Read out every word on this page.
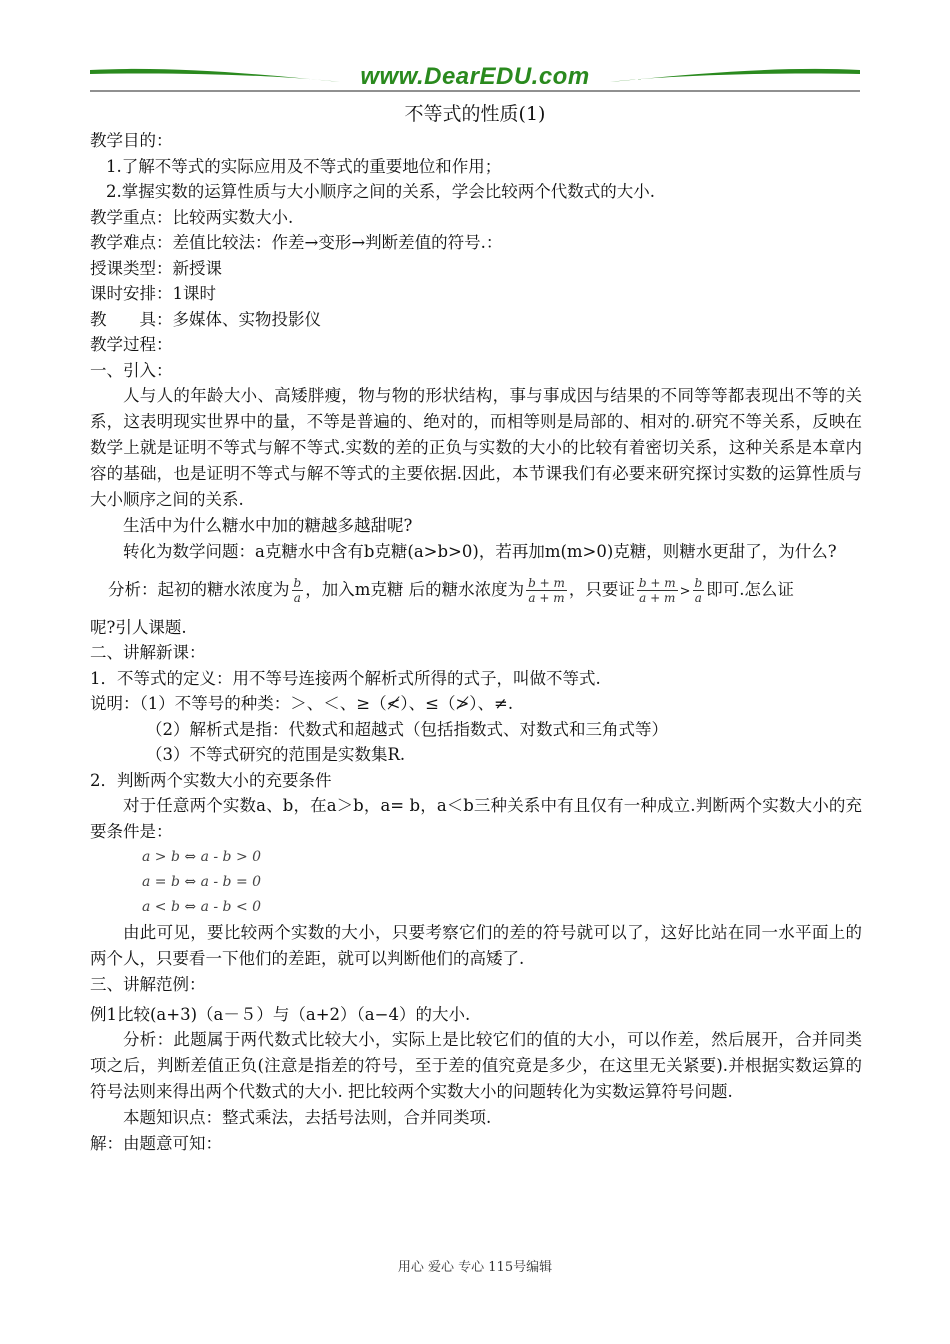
www.DearEDU.com
不等式的性质(1)
教学目的：
1.了解不等式的实际应用及不等式的重要地位和作用；
2.掌握实数的运算性质与大小顺序之间的关系，学会比较两个代数式的大小.
教学重点：比较两实数大小.
教学难点：差值比较法：作差→变形→判断差值的符号.：
授课类型：新授课
课时安排：1课时
教　　具：多媒体、实物投影仪
教学过程：
一、引入：
人与人的年龄大小、高矮胖瘦，物与物的形状结构，事与事成因与结果的不同等等都表现出不等的关系，这表明现实世界中的量，不等是普遍的、绝对的，而相等则是局部的、相对的.研究不等关系，反映在数学上就是证明不等式与解不等式.实数的差的正负与实数的大小的比较有着密切关系，这种关系是本章内容的基础，也是证明不等式与解不等式的主要依据.因此，本节课我们有必要来研究探讨实数的运算性质与大小顺序之间的关系.
生活中为什么糖水中加的糖越多越甜呢?
转化为数学问题：a克糖水中含有b克糖(a>b>0)，若再加m(m>0)克糖，则糖水更甜了，为什么?
分析：起初的糖水浓度为 $\frac{b}{a}$ ，加入m克糖 后的糖水浓度为 $\frac{b + m}{a + m}$ ，只要证 $\frac{b + m}{a + m} > \frac{b}{a}$ 即可.怎么证
呢?引人课题.
二、讲解新课：
1．不等式的定义：用不等号连接两个解析式所得的式子，叫做不等式.
说明：（1）不等号的种类：＞、＜、≥（≮）、≤（≯）、≠.
（2）解析式是指：代数式和超越式（包括指数式、对数式和三角式等）
（3）不等式研究的范围是实数集R.
2．判断两个实数大小的充要条件
对于任意两个实数a、b，在a＞b，a= b，a＜b三种关系中有且仅有一种成立.判断两个实数大小的充要条件是：
a > b ⇔ a - b > 0
a = b ⇔ a - b = 0
a < b ⇔ a - b < 0
由此可见，要比较两个实数的大小，只要考察它们的差的符号就可以了，这好比站在同一水平面上的两个人，只要看一下他们的差距，就可以判断他们的高矮了.
三、讲解范例：
例1比较(a+3)（a－５）与（a+2）（a−4）的大小.
分析：此题属于两代数式比较大小，实际上是比较它们的值的大小，可以作差，然后展开，合并同类项之后，判断差值正负(注意是指差的符号，至于差的值究竟是多少，在这里无关紧要).并根据实数运算的符号法则来得出两个代数式的大小. 把比较两个实数大小的问题转化为实数运算符号问题.
本题知识点：整式乘法，去括号法则，合并同类项.
解：由题意可知：
用心 爱心 专心 115号编辑
